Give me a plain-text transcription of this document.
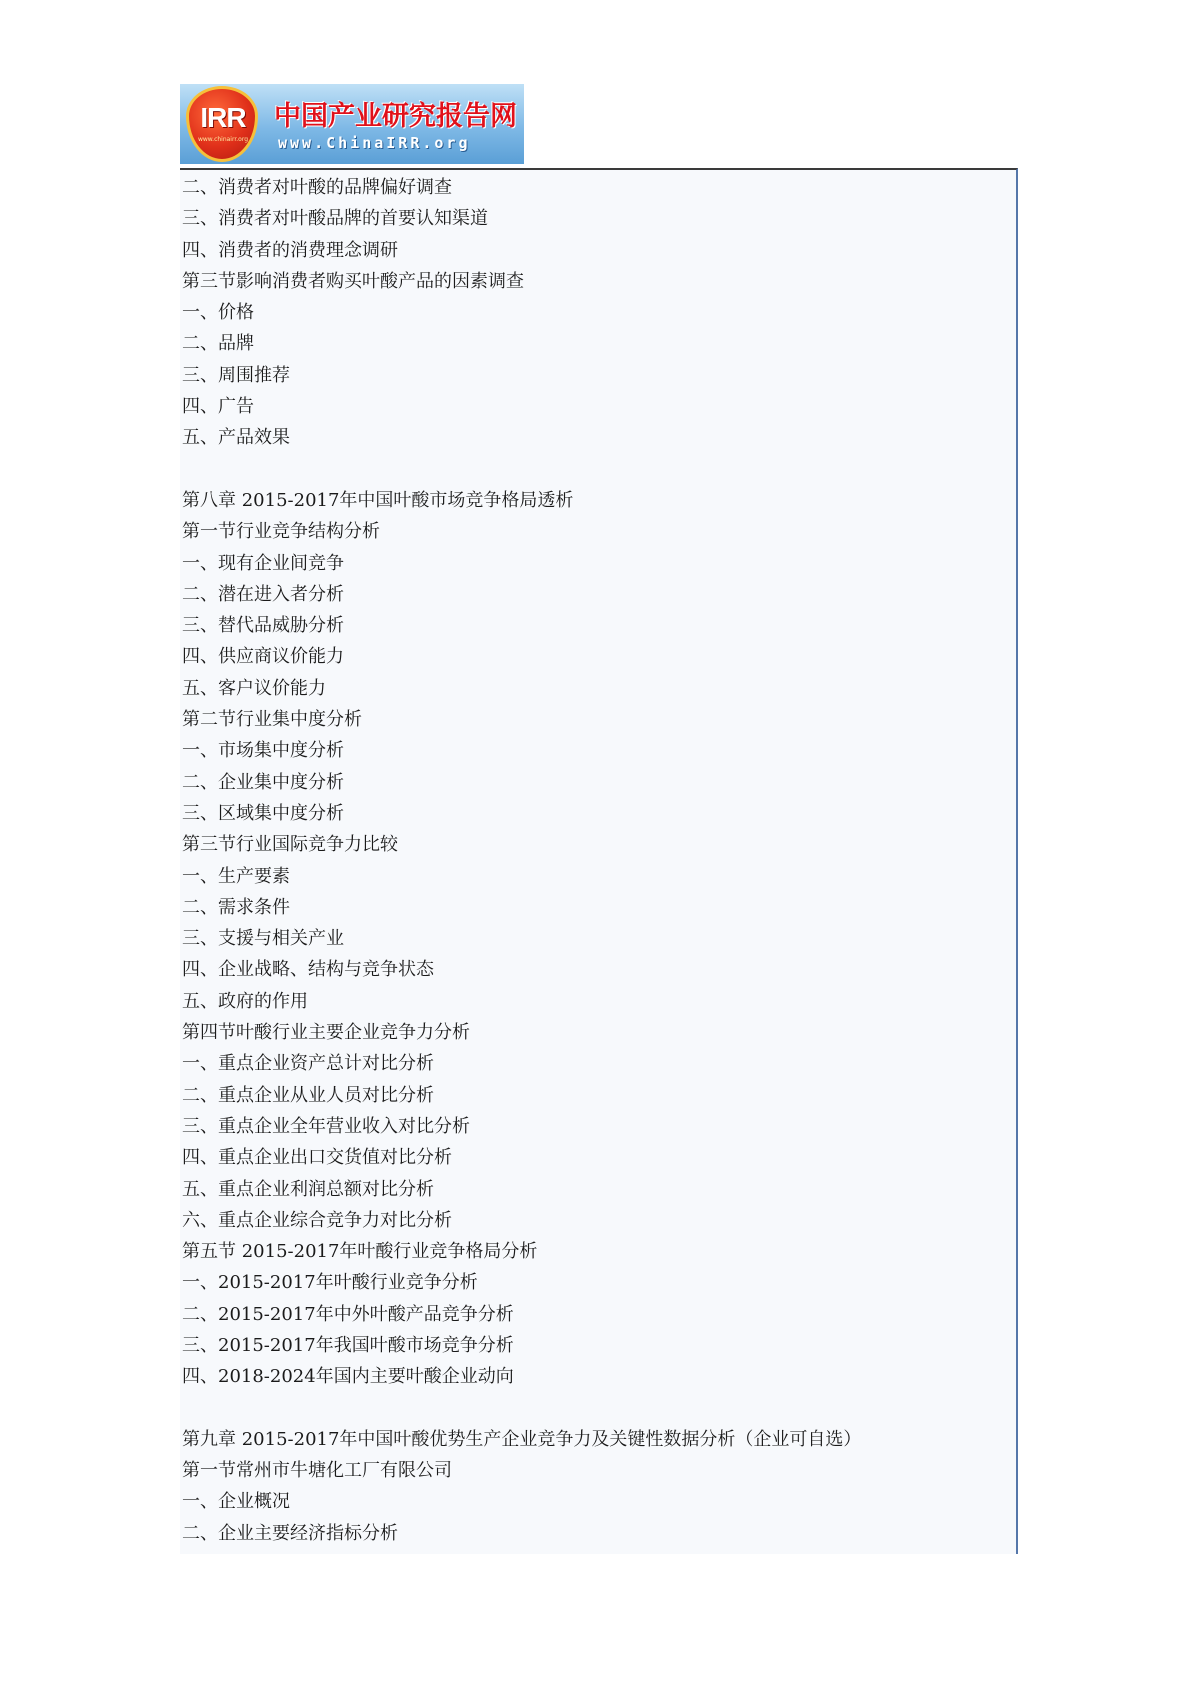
IRR
www.chinairr.org
中国产业研究报告网
www.ChinaIRR.org
二、消费者对叶酸的品牌偏好调查
三、消费者对叶酸品牌的首要认知渠道
四、消费者的消费理念调研
第三节影响消费者购买叶酸产品的因素调查
一、价格
二、品牌
三、周围推荐
四、广告
五、产品效果
第八章 2015-2017年中国叶酸市场竞争格局透析
第一节行业竞争结构分析
一、现有企业间竞争
二、潜在进入者分析
三、替代品威胁分析
四、供应商议价能力
五、客户议价能力
第二节行业集中度分析
一、市场集中度分析
二、企业集中度分析
三、区域集中度分析
第三节行业国际竞争力比较
一、生产要素
二、需求条件
三、支援与相关产业
四、企业战略、结构与竞争状态
五、政府的作用
第四节叶酸行业主要企业竞争力分析
一、重点企业资产总计对比分析
二、重点企业从业人员对比分析
三、重点企业全年营业收入对比分析
四、重点企业出口交货值对比分析
五、重点企业利润总额对比分析
六、重点企业综合竞争力对比分析
第五节 2015-2017年叶酸行业竞争格局分析
一、2015-2017年叶酸行业竞争分析
二、2015-2017年中外叶酸产品竞争分析
三、2015-2017年我国叶酸市场竞争分析
四、2018-2024年国内主要叶酸企业动向
第九章 2015-2017年中国叶酸优势生产企业竞争力及关键性数据分析（企业可自选）
第一节常州市牛塘化工厂有限公司
一、企业概况
二、企业主要经济指标分析
